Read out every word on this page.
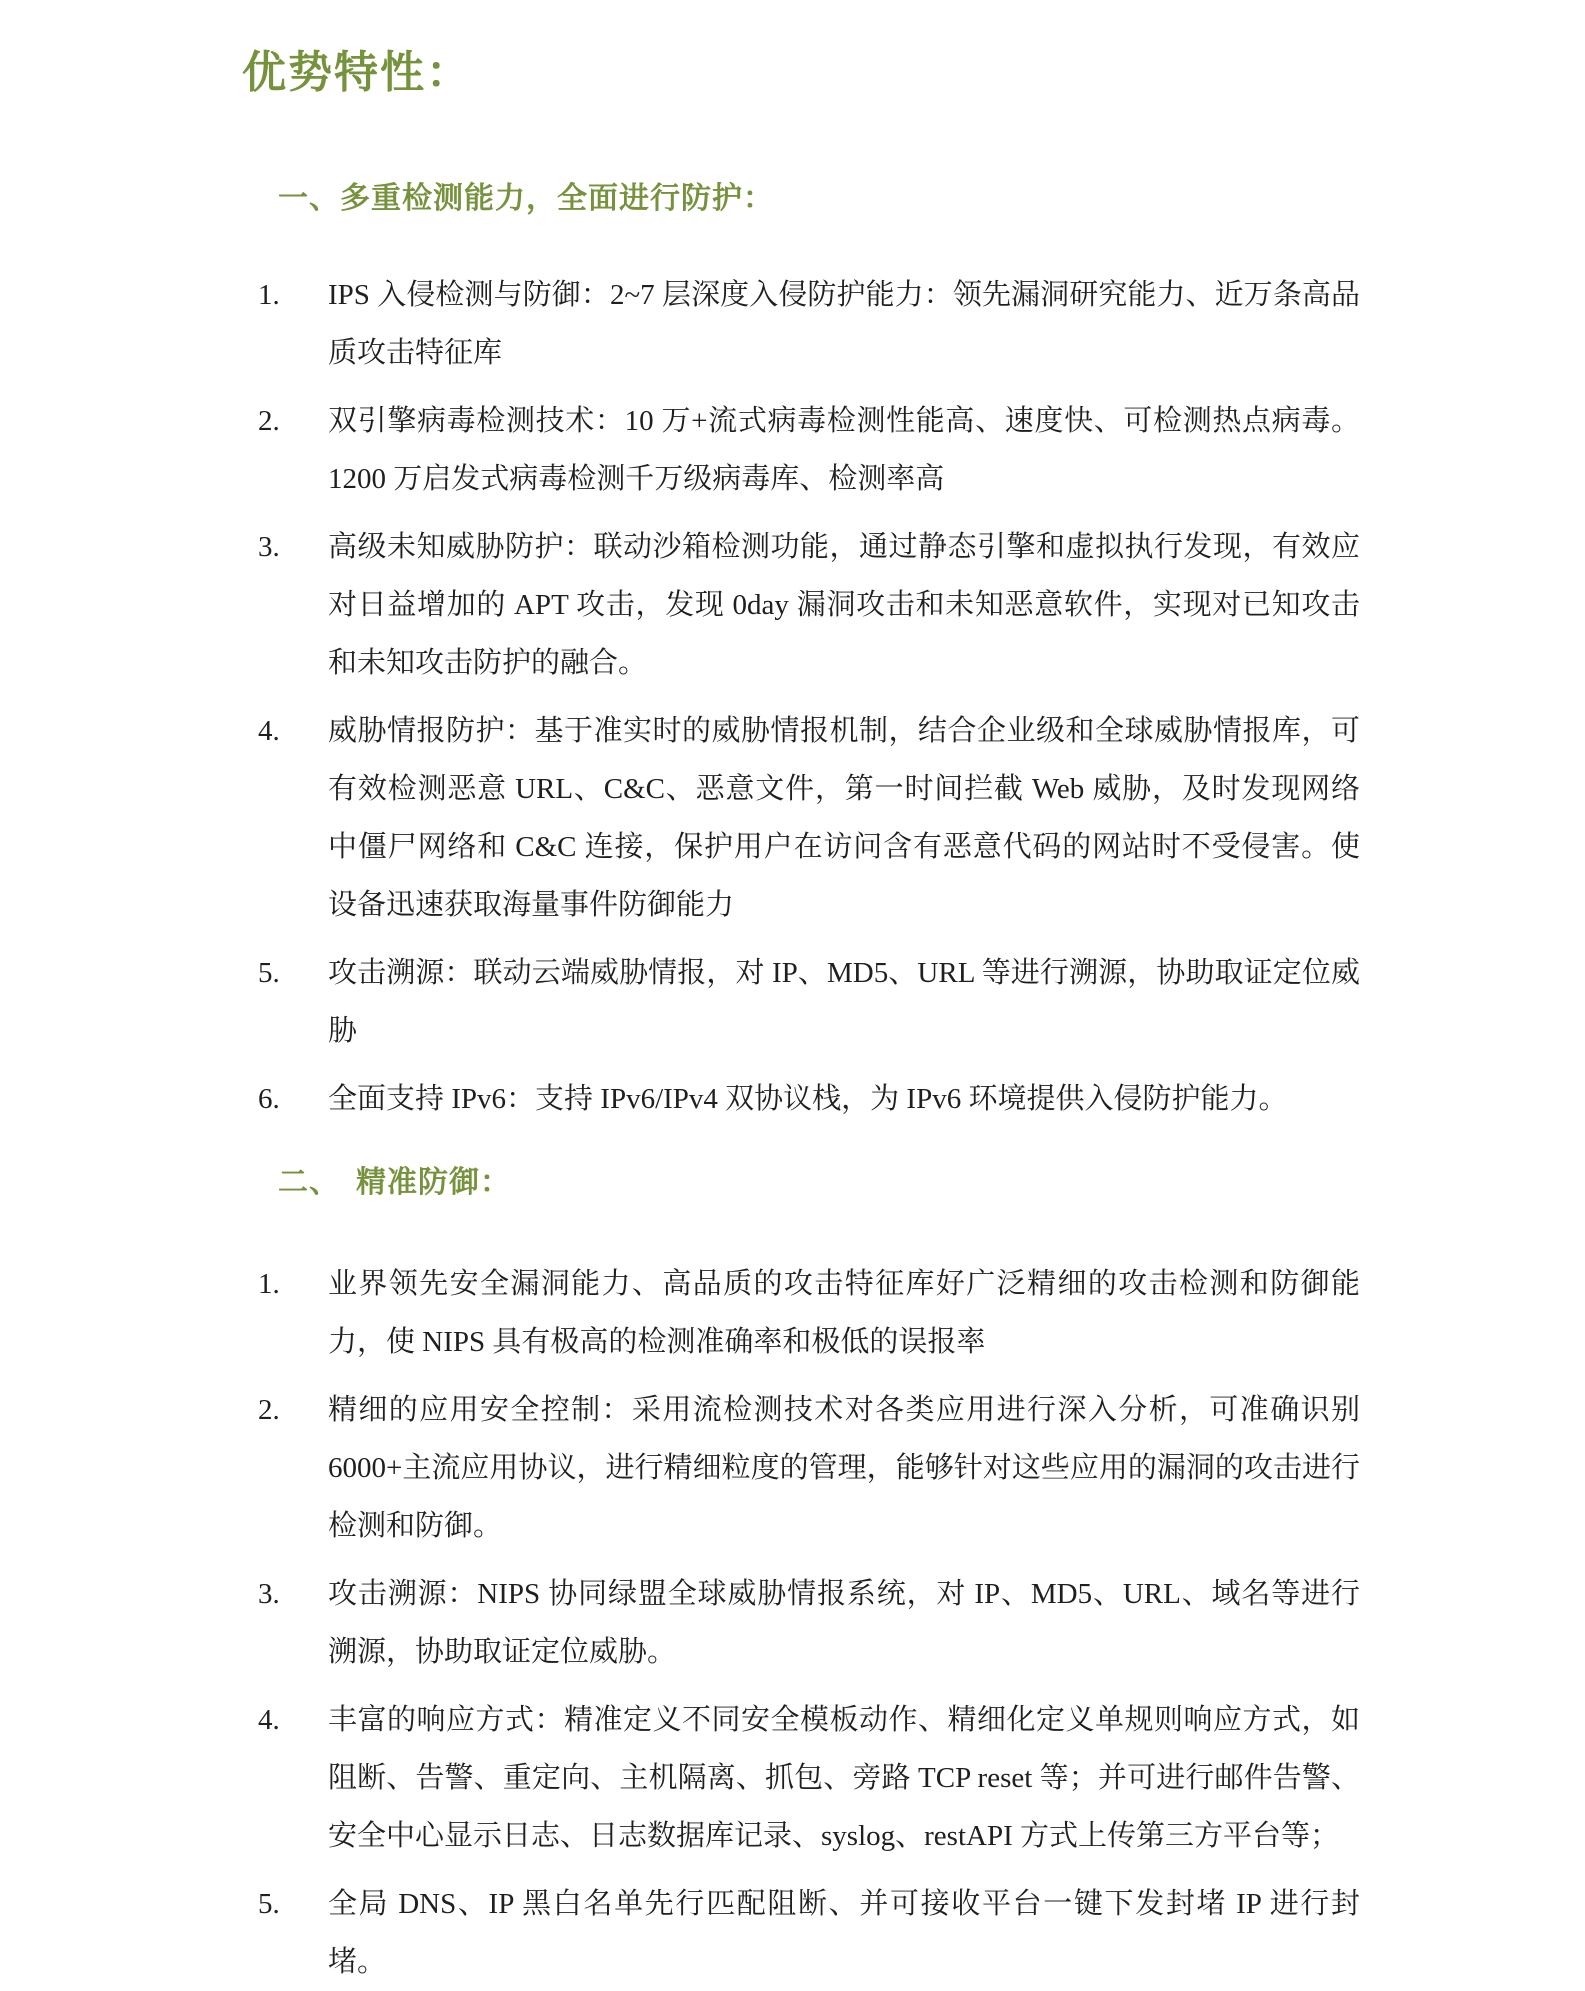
优势特性：
一、多重检测能力，全面进行防护：
1.	IPS 入侵检测与防御：2~7 层深度入侵防护能力：领先漏洞研究能力、近万条高品质攻击特征库
2.	双引擎病毒检测技术：10 万+流式病毒检测性能高、速度快、可检测热点病毒。1200 万启发式病毒检测千万级病毒库、检测率高
3.	高级未知威胁防护：联动沙箱检测功能，通过静态引擎和虚拟执行发现，有效应对日益增加的 APT 攻击，发现 0day 漏洞攻击和未知恶意软件，实现对已知攻击和未知攻击防护的融合。
4.	威胁情报防护：基于准实时的威胁情报机制，结合企业级和全球威胁情报库，可有效检测恶意 URL、C&C、恶意文件，第一时间拦截 Web 威胁，及时发现网络中僵尸网络和 C&C 连接，保护用户在访问含有恶意代码的网站时不受侵害。使设备迅速获取海量事件防御能力
5.	攻击溯源：联动云端威胁情报，对 IP、MD5、URL 等进行溯源，协助取证定位威胁
6.	全面支持 IPv6：支持 IPv6/IPv4 双协议栈，为 IPv6 环境提供入侵防护能力。
二、　精准防御：
1.	业界领先安全漏洞能力、高品质的攻击特征库好广泛精细的攻击检测和防御能力，使 NIPS 具有极高的检测准确率和极低的误报率
2.	精细的应用安全控制：采用流检测技术对各类应用进行深入分析，可准确识别 6000+主流应用协议，进行精细粒度的管理，能够针对这些应用的漏洞的攻击进行检测和防御。
3.	攻击溯源：NIPS 协同绿盟全球威胁情报系统，对 IP、MD5、URL、域名等进行溯源，协助取证定位威胁。
4.	丰富的响应方式：精准定义不同安全模板动作、精细化定义单规则响应方式，如阻断、告警、重定向、主机隔离、抓包、旁路 TCP reset 等；并可进行邮件告警、安全中心显示日志、日志数据库记录、syslog、restAPI 方式上传第三方平台等；
5.	全局 DNS、IP 黑白名单先行匹配阻断、并可接收平台一键下发封堵 IP 进行封堵。
